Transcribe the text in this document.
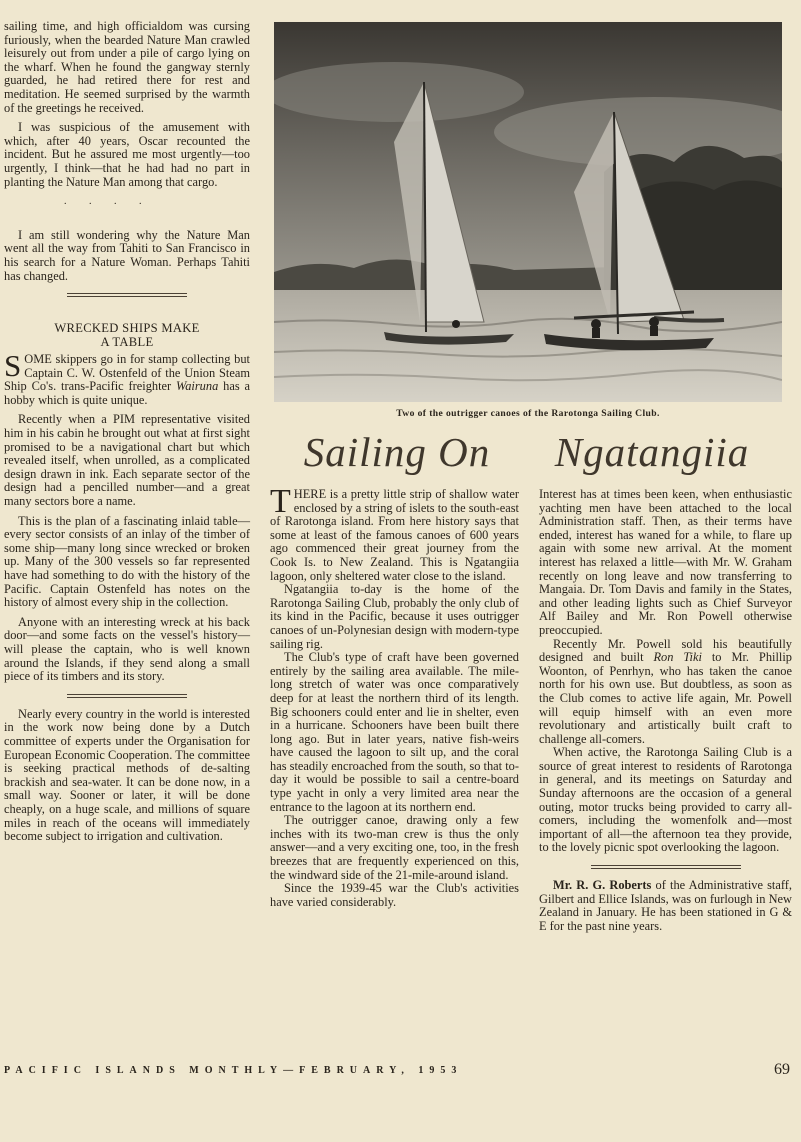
sailing time, and high officialdom was cursing furiously, when the bearded Nature Man crawled leisurely out from under a pile of cargo lying on the wharf. When he found the gangway sternly guarded, he had retired there for rest and meditation. He seemed surprised by the warmth of the greetings he received.

I was suspicious of the amusement with which, after 40 years, Oscar recounted the incident. But he assured me most urgently—too urgently, I think—that he had had no part in planting the Nature Man among that cargo.

. . . .

I am still wondering why the Nature Man went all the way from Tahiti to San Francisco in his search for a Nature Woman. Perhaps Tahiti has changed.

WRECKED SHIPS MAKE
A TABLE

SOME skippers go in for stamp collecting but Captain C. W. Ostenfeld of the Union Steam Ship Co's. trans-Pacific freighter Wairuna has a hobby which is quite unique.

Recently when a PIM representative visited him in his cabin he brought out what at first sight promised to be a navigational chart but which revealed itself, when unrolled, as a complicated design drawn in ink. Each separate sector of the design had a pencilled number—and a great many sectors bore a name.

This is the plan of a fascinating inlaid table—every sector consists of an inlay of the timber of some ship—many long since wrecked or broken up. Many of the 300 vessels so far represented have had something to do with the history of the Pacific. Captain Ostenfeld has notes on the history of almost every ship in the collection.

Anyone with an interesting wreck at his back door—and some facts on the vessel's history—will please the captain, who is well known around the Islands, if they send along a small piece of its timbers and its story.

Nearly every country in the world is interested in the work now being done by a Dutch committee of experts under the Organisation for European Economic Cooperation. The committee is seeking practical methods of de-salting brackish and sea-water. It can be done now, in a small way. Sooner or later, it will be done cheaply, on a huge scale, and millions of square miles in reach of the oceans will immediately become subject to irrigation and cultivation.

Two of the outrigger canoes of the Rarotonga Sailing Club.
Sailing On Ngatangiia

THERE is a pretty little strip of shallow water enclosed by a string of islets to the south-east of Rarotonga island. From here history says that some at least of the famous canoes of 600 years ago commenced their great journey from the Cook Is. to New Zealand. This is Ngatangiia lagoon, only sheltered water close to the island.

Ngatangiia to-day is the home of the Rarotonga Sailing Club, probably the only club of its kind in the Pacific, because it uses outrigger canoes of un-Polynesian design with modern-type sailing rig.

The Club's type of craft have been governed entirely by the sailing area available. The mile-long stretch of water was once comparatively deep for at least the northern third of its length. Big schooners could enter and lie in shelter, even in a hurricane. Schooners have been built there long ago. But in later years, native fish-weirs have caused the lagoon to silt up, and the coral has steadily encroached from the south, so that to-day it would be possible to sail a centre-board type yacht in only a very limited area near the entrance to the lagoon at its northern end.

The outrigger canoe, drawing only a few inches with its two-man crew is thus the only answer—and a very exciting one, too, in the fresh breezes that are frequently experienced on this, the windward side of the 21-mile-around island.

Since the 1939-45 war the Club's activities have varied considerably.

Interest has at times been keen, when enthusiastic yachting men have been attached to the local Administration staff. Then, as their terms have ended, interest has waned for a while, to flare up again with some new arrival. At the moment interest has relaxed a little—with Mr. W. Graham recently on long leave and now transferring to Mangaia. Dr. Tom Davis and family in the States, and other leading lights such as Chief Surveyor Alf Bailey and Mr. Ron Powell otherwise preoccupied.

Recently Mr. Powell sold his beautifully designed and built Ron Tiki to Mr. Phillip Woonton, of Penrhyn, who has taken the canoe north for his own use. But doubtless, as soon as the Club comes to active life again, Mr. Powell will equip himself with an even more revolutionary and artistically built craft to challenge all-comers.

When active, the Rarotonga Sailing Club is a source of great interest to residents of Rarotonga in general, and its meetings on Saturday and Sunday afternoons are the occasion of a general outing, motor trucks being provided to carry all-comers, including the womenfolk and—most important of all—the afternoon tea they provide, to the lovely picnic spot overlooking the lagoon.

Mr. R. G. Roberts of the Administrative staff, Gilbert and Ellice Islands, was on furlough in New Zealand in January. He has been stationed in G & E for the past nine years.

PACIFIC ISLANDS MONTHLY—FEBRUARY, 1953	69
